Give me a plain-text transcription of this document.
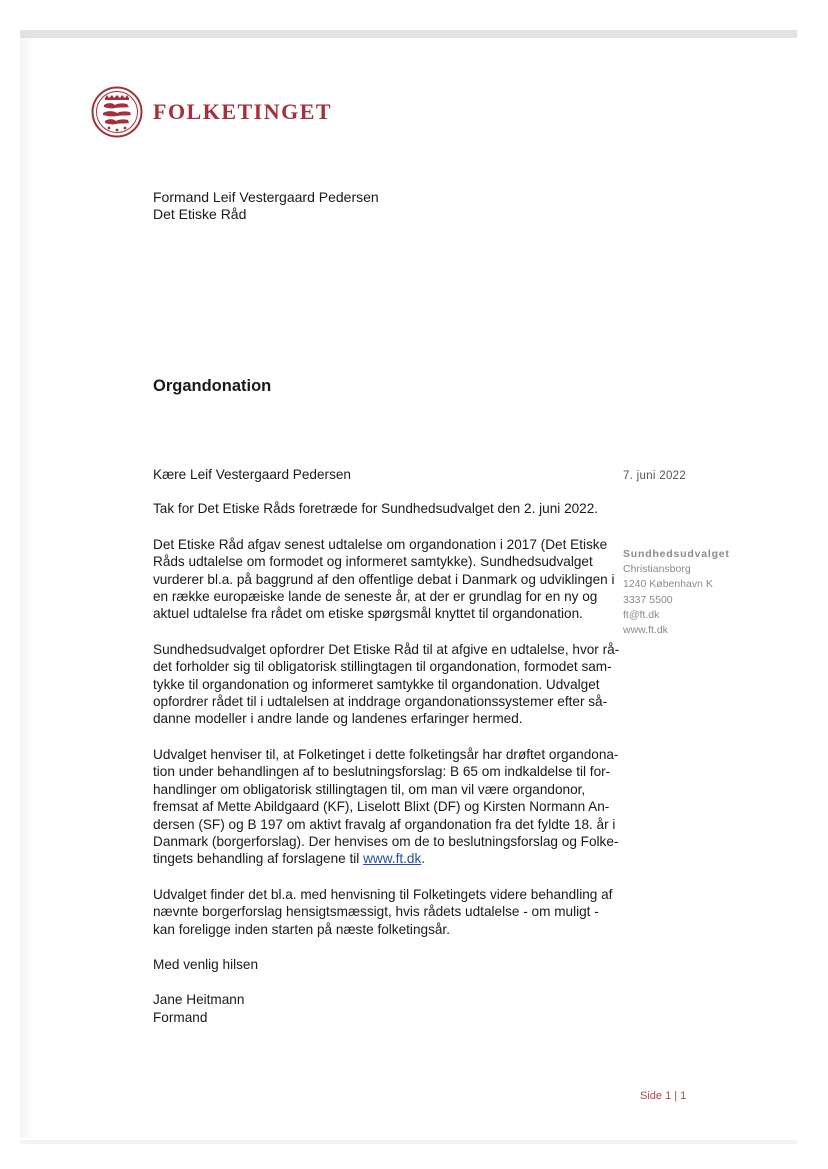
FOLKETINGET
Formand Leif Vestergaard Pedersen
Det Etiske Råd
Organdonation
7. juni 2022
Sundhedsudvalget
Christiansborg
1240 København K
3337 5500
ft@ft.dk
www.ft.dk
Kære Leif Vestergaard Pedersen
Tak for Det Etiske Råds foretræde for Sundhedsudvalget den 2. juni 2022.
Det Etiske Råd afgav senest udtalelse om organdonation i 2017 (Det Etiske
Råds udtalelse om formodet og informeret samtykke). Sundhedsudvalget
vurderer bl.a. på baggrund af den offentlige debat i Danmark og udviklingen i
en række europæiske lande de seneste år, at der er grundlag for en ny og
aktuel udtalelse fra rådet om etiske spørgsmål knyttet til organdonation.
Sundhedsudvalget opfordrer Det Etiske Råd til at afgive en udtalelse, hvor rå-
det forholder sig til obligatorisk stillingtagen til organdonation, formodet sam-
tykke til organdonation og informeret samtykke til organdonation. Udvalget
opfordrer rådet til i udtalelsen at inddrage organdonationssystemer efter så-
danne modeller i andre lande og landenes erfaringer hermed.
Udvalget henviser til, at Folketinget i dette folketingsår har drøftet organdona-
tion under behandlingen af to beslutningsforslag: B 65 om indkaldelse til for-
handlinger om obligatorisk stillingtagen til, om man vil være organdonor,
fremsat af Mette Abildgaard (KF), Liselott Blixt (DF) og Kirsten Normann An-
dersen (SF) og B 197 om aktivt fravalg af organdonation fra det fyldte 18. år i
Danmark (borgerforslag). Der henvises om de to beslutningsforslag og Folke-
tingets behandling af forslagene til www.ft.dk.
Udvalget finder det bl.a. med henvisning til Folketingets videre behandling af
nævnte borgerforslag hensigtsmæssigt, hvis rådets udtalelse - om muligt -
kan foreligge inden starten på næste folketingsår.
Med venlig hilsen
Jane Heitmann
Formand
Side 1 | 1
